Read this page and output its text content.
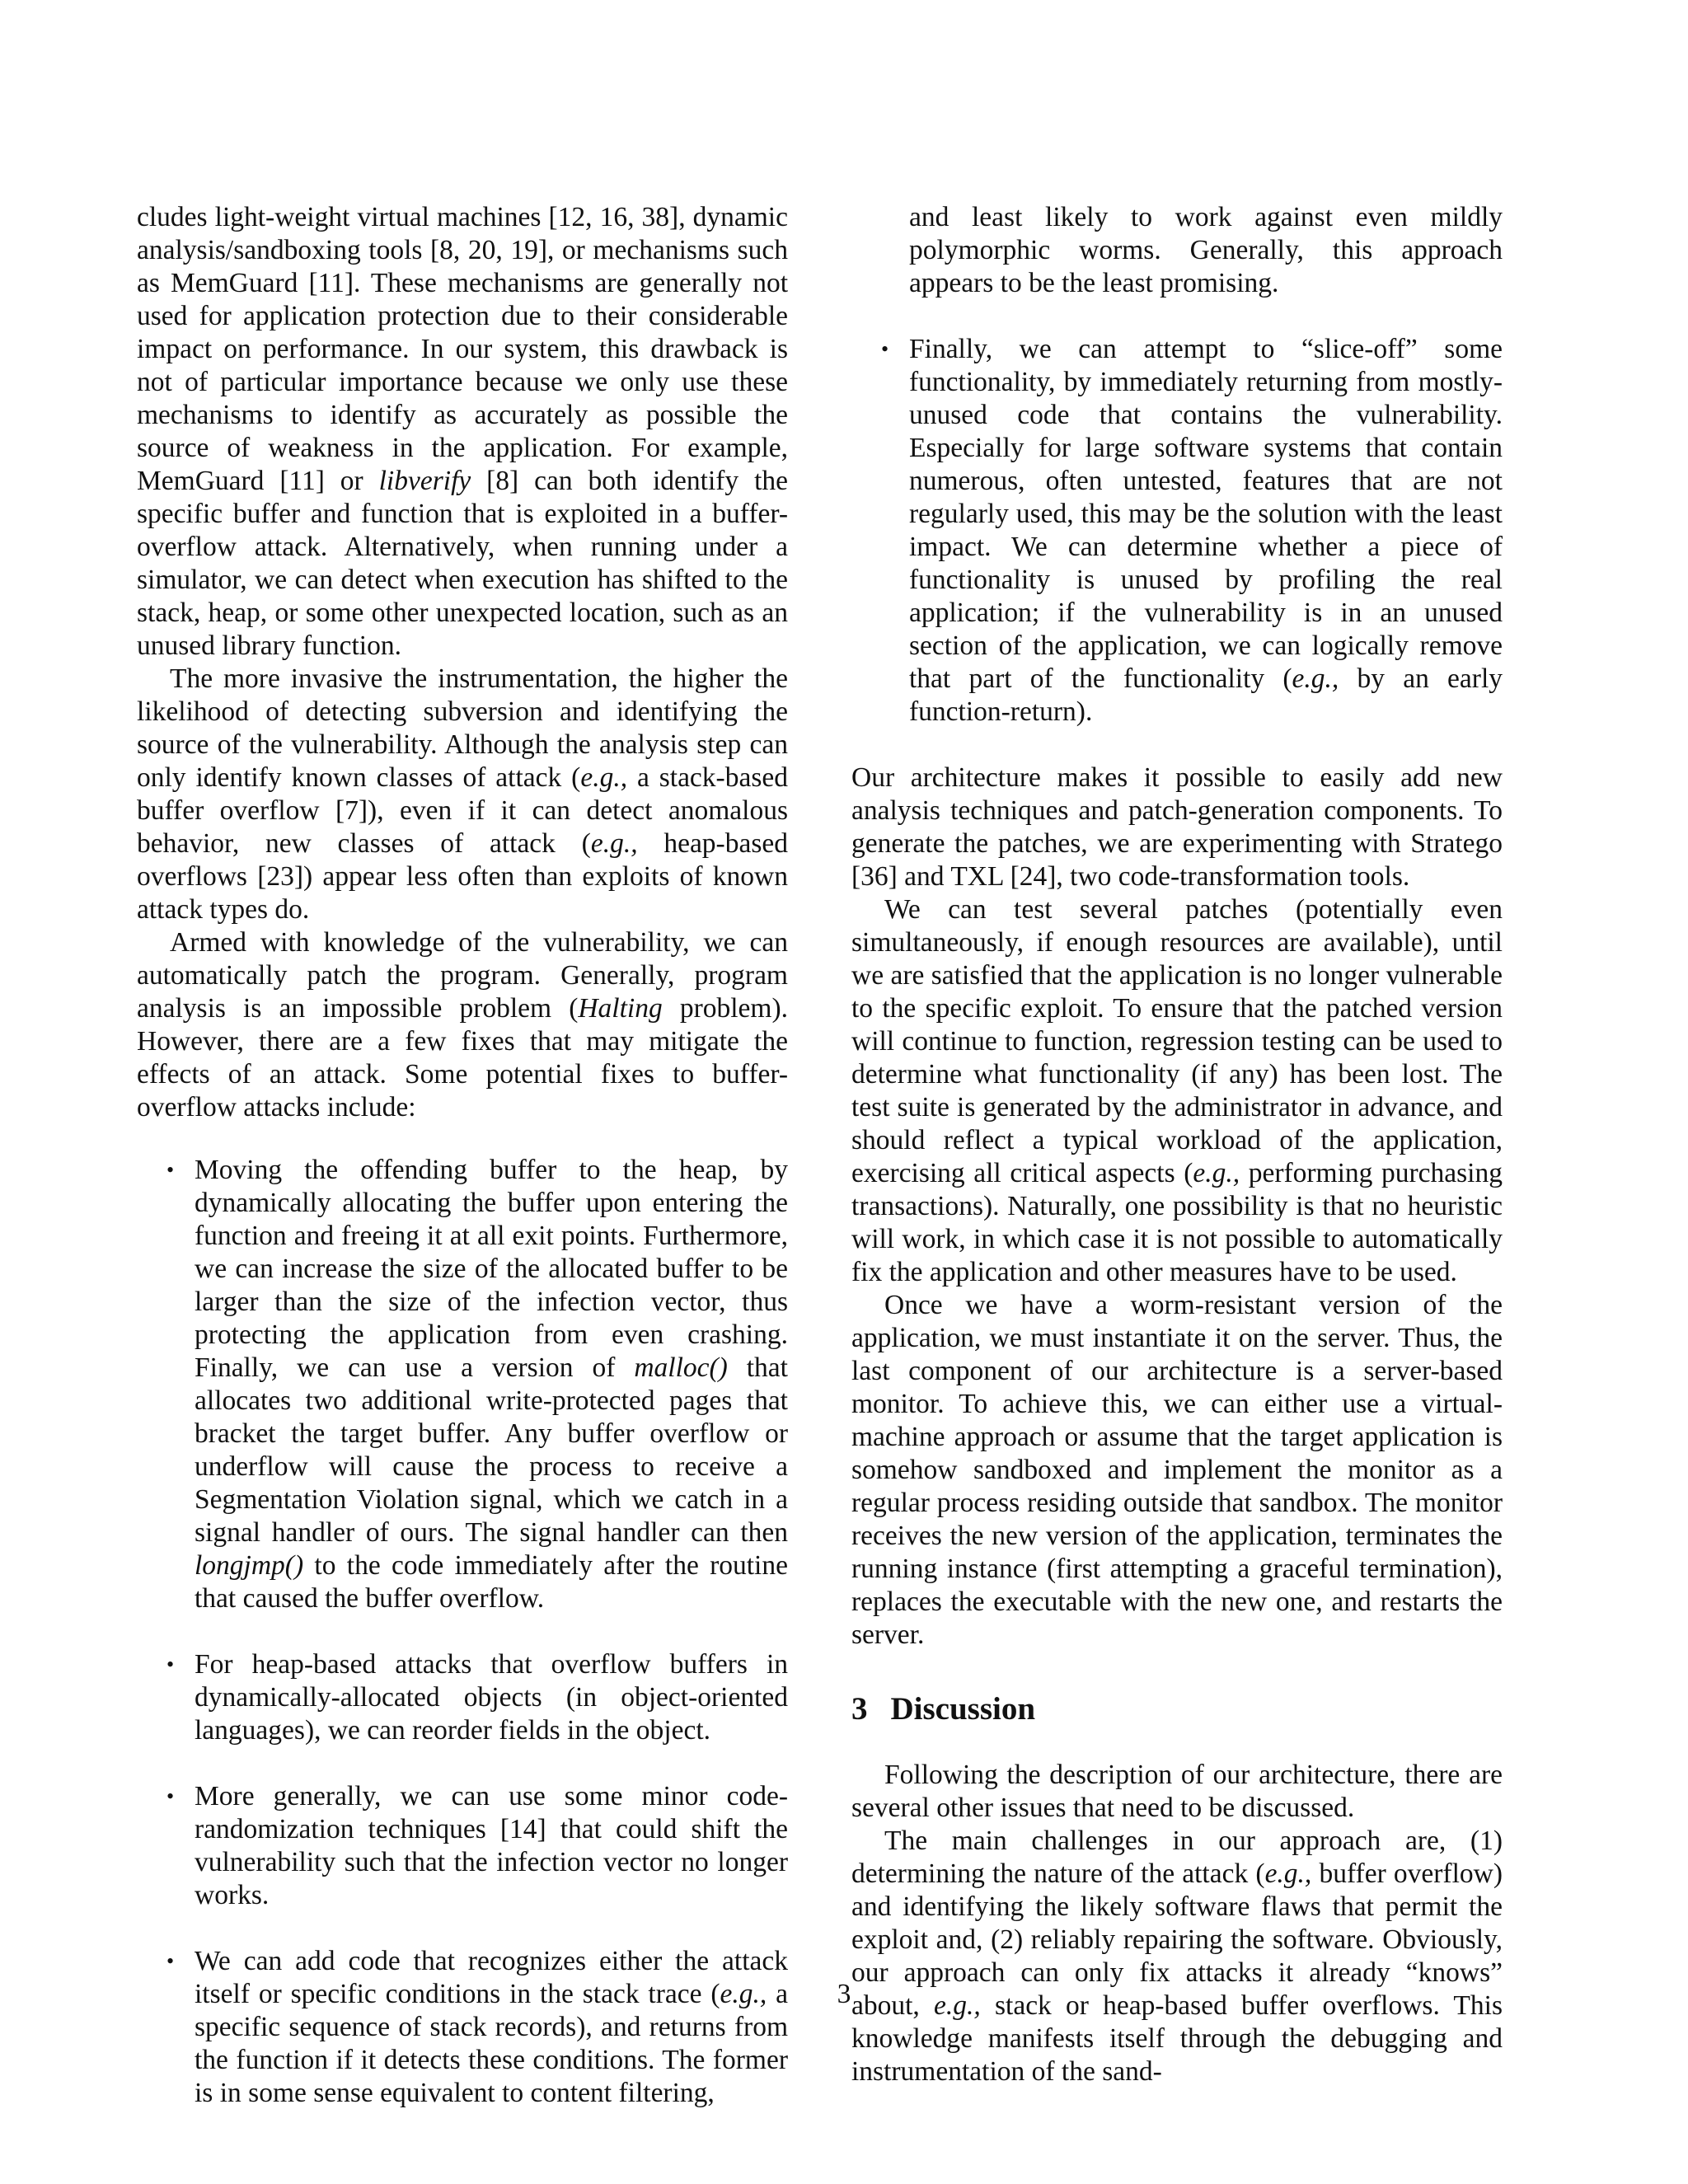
cludes light-weight virtual machines [12, 16, 38], dynamic analysis/sandboxing tools [8, 20, 19], or mechanisms such as MemGuard [11]. These mechanisms are generally not used for application protection due to their considerable impact on performance. In our system, this drawback is not of particular importance because we only use these mechanisms to identify as accurately as possible the source of weakness in the application. For example, MemGuard [11] or libverify [8] can both identify the specific buffer and function that is exploited in a buffer-overflow attack. Alternatively, when running under a simulator, we can detect when execution has shifted to the stack, heap, or some other unexpected location, such as an unused library function.

The more invasive the instrumentation, the higher the likelihood of detecting subversion and identifying the source of the vulnerability. Although the analysis step can only identify known classes of attack (e.g., a stack-based buffer overflow [7]), even if it can detect anomalous behavior, new classes of attack (e.g., heap-based overflows [23]) appear less often than exploits of known attack types do.

Armed with knowledge of the vulnerability, we can automatically patch the program. Generally, program analysis is an impossible problem (Halting problem). However, there are a few fixes that may mitigate the effects of an attack. Some potential fixes to buffer-overflow attacks include:

• Moving the offending buffer to the heap, by dynamically allocating the buffer upon entering the function and freeing it at all exit points. Furthermore, we can increase the size of the allocated buffer to be larger than the size of the infection vector, thus protecting the application from even crashing. Finally, we can use a version of malloc() that allocates two additional write-protected pages that bracket the target buffer. Any buffer overflow or underflow will cause the process to receive a Segmentation Violation signal, which we catch in a signal handler of ours. The signal handler can then longjmp() to the code immediately after the routine that caused the buffer overflow.
• For heap-based attacks that overflow buffers in dynamically-allocated objects (in object-oriented languages), we can reorder fields in the object.
• More generally, we can use some minor code-randomization techniques [14] that could shift the vulnerability such that the infection vector no longer works.
• We can add code that recognizes either the attack itself or specific conditions in the stack trace (e.g., a specific sequence of stack records), and returns from the function if it detects these conditions. The former is in some sense equivalent to content filtering,
and least likely to work against even mildly polymorphic worms. Generally, this approach appears to be the least promising.
• Finally, we can attempt to “slice-off” some functionality, by immediately returning from mostly-unused code that contains the vulnerability. Especially for large software systems that contain numerous, often untested, features that are not regularly used, this may be the solution with the least impact. We can determine whether a piece of functionality is unused by profiling the real application; if the vulnerability is in an unused section of the application, we can logically remove that part of the functionality (e.g., by an early function-return).

Our architecture makes it possible to easily add new analysis techniques and patch-generation components. To generate the patches, we are experimenting with Stratego [36] and TXL [24], two code-transformation tools.

We can test several patches (potentially even simultaneously, if enough resources are available), until we are satisfied that the application is no longer vulnerable to the specific exploit. To ensure that the patched version will continue to function, regression testing can be used to determine what functionality (if any) has been lost. The test suite is generated by the administrator in advance, and should reflect a typical workload of the application, exercising all critical aspects (e.g., performing purchasing transactions). Naturally, one possibility is that no heuristic will work, in which case it is not possible to automatically fix the application and other measures have to be used.

Once we have a worm-resistant version of the application, we must instantiate it on the server. Thus, the last component of our architecture is a server-based monitor. To achieve this, we can either use a virtual-machine approach or assume that the target application is somehow sandboxed and implement the monitor as a regular process residing outside that sandbox. The monitor receives the new version of the application, terminates the running instance (first attempting a graceful termination), replaces the executable with the new one, and restarts the server.

3 Discussion

Following the description of our architecture, there are several other issues that need to be discussed.

The main challenges in our approach are, (1) determining the nature of the attack (e.g., buffer overflow) and identifying the likely software flaws that permit the exploit and, (2) reliably repairing the software. Obviously, our approach can only fix attacks it already “knows” about, e.g., stack or heap-based buffer overflows. This knowledge manifests itself through the debugging and instrumentation of the sand-

3
